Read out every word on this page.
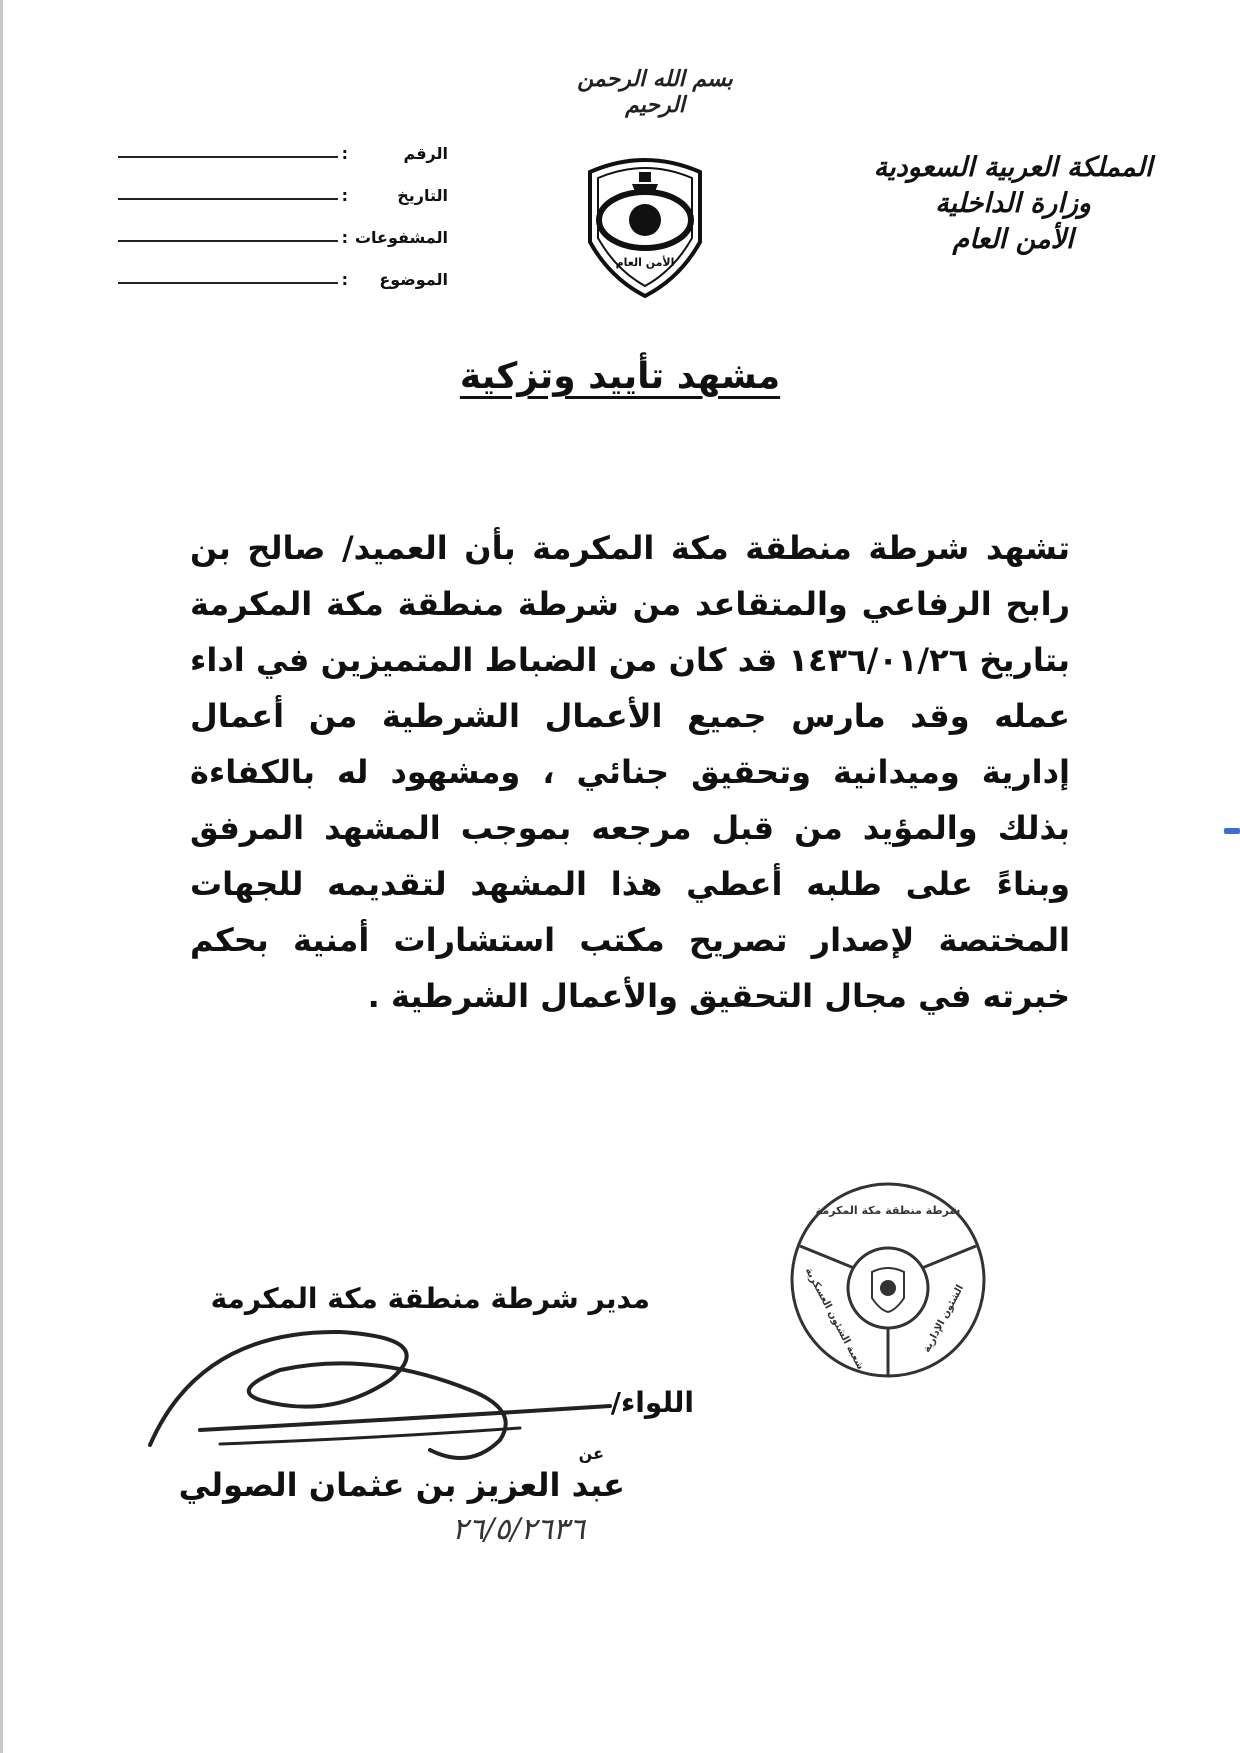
بسم الله الرحمن الرحيم
المملكة العربية السعودية
وزارة الداخلية
الأمن العام
الأمن العام
الرقم
:
التاريخ
:
المشفوعات
:
الموضوع
:
مشهد تأييد وتزكية
تشهد شرطة منطقة مكة المكرمة بأن العميد/ صالح بن رابح الرفاعي والمتقاعد من شرطة منطقة مكة المكرمة بتاريخ ١٤٣٦/٠١/٢٦ قد كان من الضباط المتميزين في اداء عمله وقد مارس جميع الأعمال الشرطية من أعمال إدارية وميدانية وتحقيق جنائي ، ومشهود له بالكفاءة بذلك والمؤيد من قبل مرجعه بموجب المشهد المرفق وبناءً على طلبه أعطي هذا المشهد لتقديمه للجهات المختصة لإصدار تصريح مكتب استشارات أمنية بحكم خبرته في مجال التحقيق والأعمال الشرطية .
شرطة منطقة مكة المكرمة
الشئون الإدارية
شعبة الشئون العسكرية
مدير شرطة منطقة مكة المكرمة
اللواء/
عن
عبد العزيز بن عثمان الصولي
٢٦/٥/٢٦٣٦
